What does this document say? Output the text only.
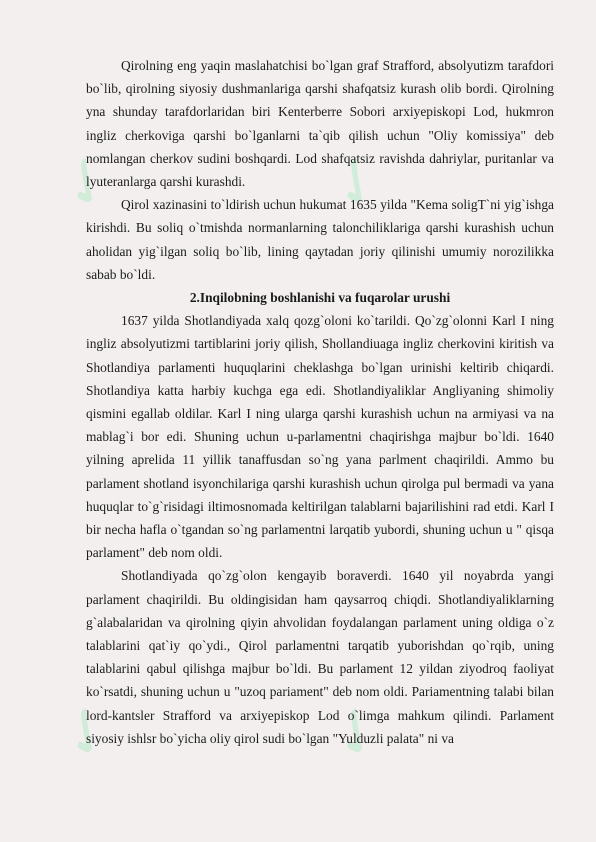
✓	✓
✓	✓

Qirolning eng yaqin maslahatchisi bo`lgan graf Strafford, absolyutizm tarafdori bo`lib, qirolning siyosiy dushmanlariga qarshi shafqatsiz kurash olib bordi. Qirolning yna shunday tarafdorlaridan biri Kenterberre Sobori arxiyepiskopi Lod, hukmron ingliz cherkoviga qarshi bo`lganlarni ta`qib qilish uchun "Oliy komissiya" deb nomlangan cherkov sudini boshqardi. Lod shafqatsiz ravishda dahriylar, puritanlar va lyuteranlarga qarshi kurashdi.

Qirol xazinasini to`ldirish uchun hukumat 1635 yilda "Kema soligT`ni yig`ishga kirishdi. Bu soliq o`tmishda normanlarning talonchiliklariga qarshi kurashish uchun aholidan yig`ilgan soliq bo`lib, lining qaytadan joriy qilinishi umumiy norozilikka sabab bo`ldi.

2.Inqilobning boshlanishi va fuqarolar urushi

1637 yilda Shotlandiyada xalq qozg`oloni ko`tarildi. Qo`zg`olonni Karl I ning ingliz absolyutizmi tartiblarini joriy qilish, Shollandiuaga ingliz cherkovini kiritish va Shotlandiya parlamenti huquqlarini cheklashga bo`lgan urinishi keltirib chiqardi. Shotlandiya katta harbiy kuchga ega edi. Shotlandiyaliklar Angliyaning shimoliy qismini egallab oldilar. Karl I ning ularga qarshi kurashish uchun na armiyasi va na mablag`i bor edi. Shuning uchun u-parlamentni chaqirishga majbur bo`ldi. 1640 yilning aprelida 11 yillik tanaffusdan so`ng yana parlment chaqirildi. Ammo bu parlament shotland isyonchilariga qarshi kurashish uchun qirolga pul bermadi va yana huquqlar to`g`risidagi iltimosnomada keltirilgan talablarni bajarilishini rad etdi. Karl I bir necha hafla o`tgandan so`ng parlamentni larqatib yubordi, shuning uchun u " qisqa parlament" deb nom oldi.

Shotlandiyada qo`zg`olon kengayib boraverdi. 1640 yil noyabrda yangi parlament chaqirildi. Bu oldingisidan ham qaysarroq chiqdi. Shotlandiyaliklarning g`alabalaridan va qirolning qiyin ahvolidan foydalangan parlament uning oldiga o`z talablarini qat`iy qo`ydi., Qirol parlamentni tarqatib yuborishdan qo`rqib, uning talablarini qabul qilishga majbur bo`ldi. Bu parlament 12 yildan ziyodroq faoliyat ko`rsatdi, shuning uchun u "uzoq pariament" deb nom oldi. Pariamentning talabi bilan lord-kantsler Strafford va arxiyepiskop Lod o`limga mahkum qilindi. Parlament siyosiy ishlsr bo`yicha oliy qirol sudi bo`lgan "Yulduzli palata" ni va
